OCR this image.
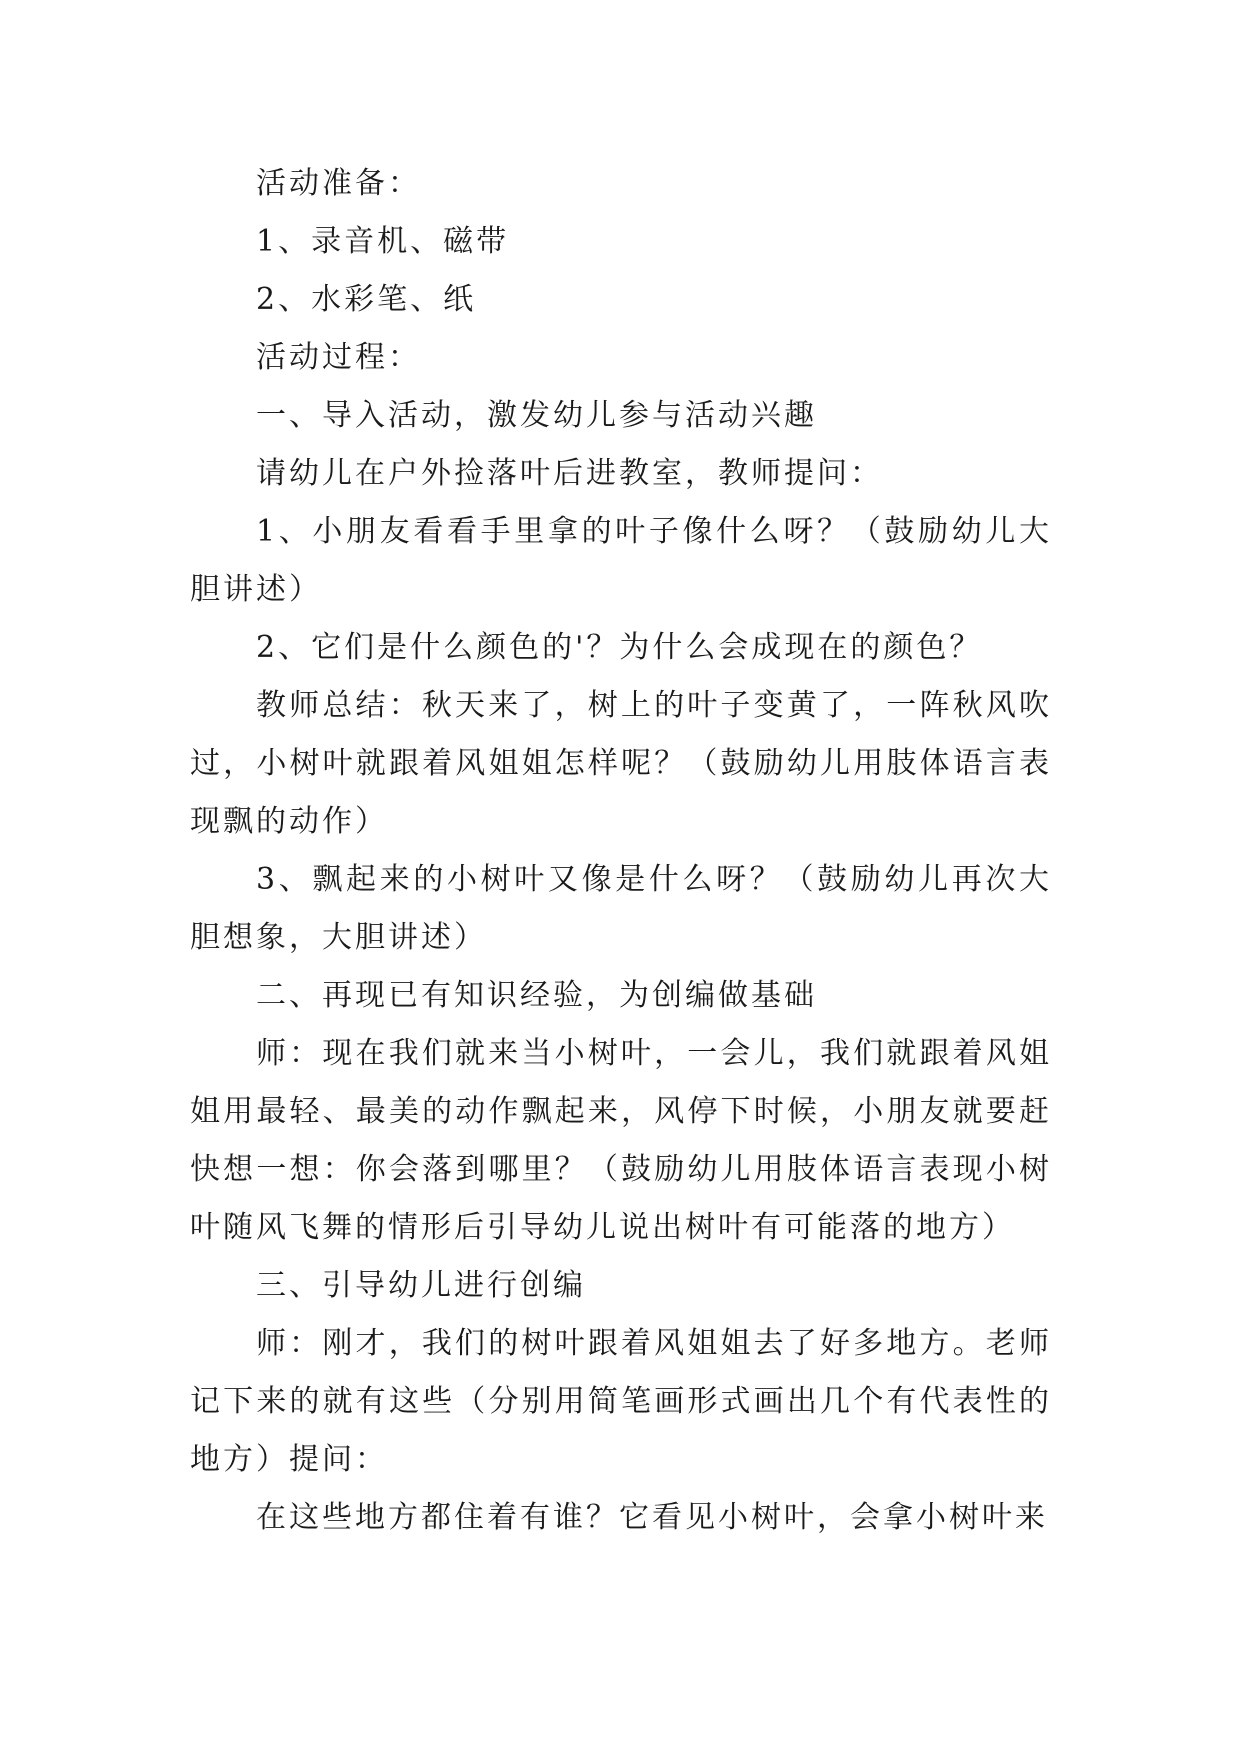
活动准备：

1、录音机、磁带

2、水彩笔、纸

活动过程：

一、导入活动，激发幼儿参与活动兴趣

请幼儿在户外捡落叶后进教室，教师提问：

1、小朋友看看手里拿的叶子像什么呀？（鼓励幼儿大胆讲述）

2、它们是什么颜色的'？为什么会成现在的颜色？

教师总结：秋天来了，树上的叶子变黄了，一阵秋风吹过，小树叶就跟着风姐姐怎样呢？（鼓励幼儿用肢体语言表现飘的动作）

3、飘起来的小树叶又像是什么呀？（鼓励幼儿再次大胆想象，大胆讲述）

二、再现已有知识经验，为创编做基础

师：现在我们就来当小树叶，一会儿，我们就跟着风姐姐用最轻、最美的动作飘起来，风停下时候，小朋友就要赶快想一想：你会落到哪里？（鼓励幼儿用肢体语言表现小树叶随风飞舞的情形后引导幼儿说出树叶有可能落的地方）

三、引导幼儿进行创编

师：刚才，我们的树叶跟着风姐姐去了好多地方。老师记下来的就有这些（分别用简笔画形式画出几个有代表性的地方）提问：

在这些地方都住着有谁？它看见小树叶，会拿小树叶来
